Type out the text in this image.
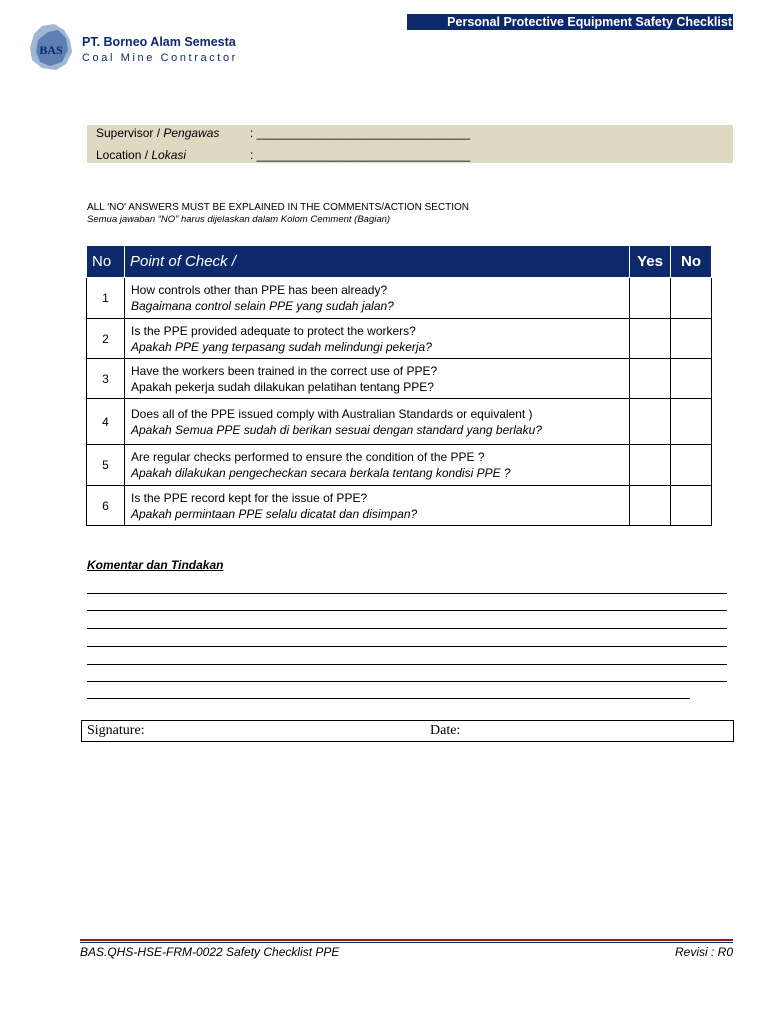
Personal Protective Equipment Safety Checklist
BAS
PT. Borneo Alam Semesta
Coal Mine Contractor
Supervisor / Pengawas	: ________________________________
Location / Lokasi	: ________________________________
ALL 'NO' ANSWERS MUST BE EXPLAINED IN THE COMMENTS/ACTION SECTION
Semua jawaban “NO” harus dijelaskan dalam Kolom Cemment (Bagian)
No	Point of Check /	Yes	No
1	How controls other than PPE has been already?
Bagaimana control selain PPE yang sudah jalan?		

2	Is the PPE provided adequate to protect the workers?
Apakah PPE yang terpasang sudah melindungi pekerja?		

3	Have the workers been trained in the correct use of PPE?
Apakah pekerja sudah dilakukan pelatihan tentang PPE?		

4	Does all of the PPE issued comply with Australian Standards or equivalent )
Apakah Semua PPE sudah di berikan sesuai dengan standard yang berlaku?		

5	Are regular checks performed to ensure the condition of the PPE ?
Apakah dilakukan pengecheckan secara berkala tentang kondisi PPE ?		

6	Is the PPE record kept for the issue of PPE?
Apakah permintaan PPE selalu dicatat dan disimpan?		

Komentar dan Tindakan
Signature:	Date:
BAS.QHS-HSE-FRM-0022 Safety Checklist PPE	Revisi : R0
